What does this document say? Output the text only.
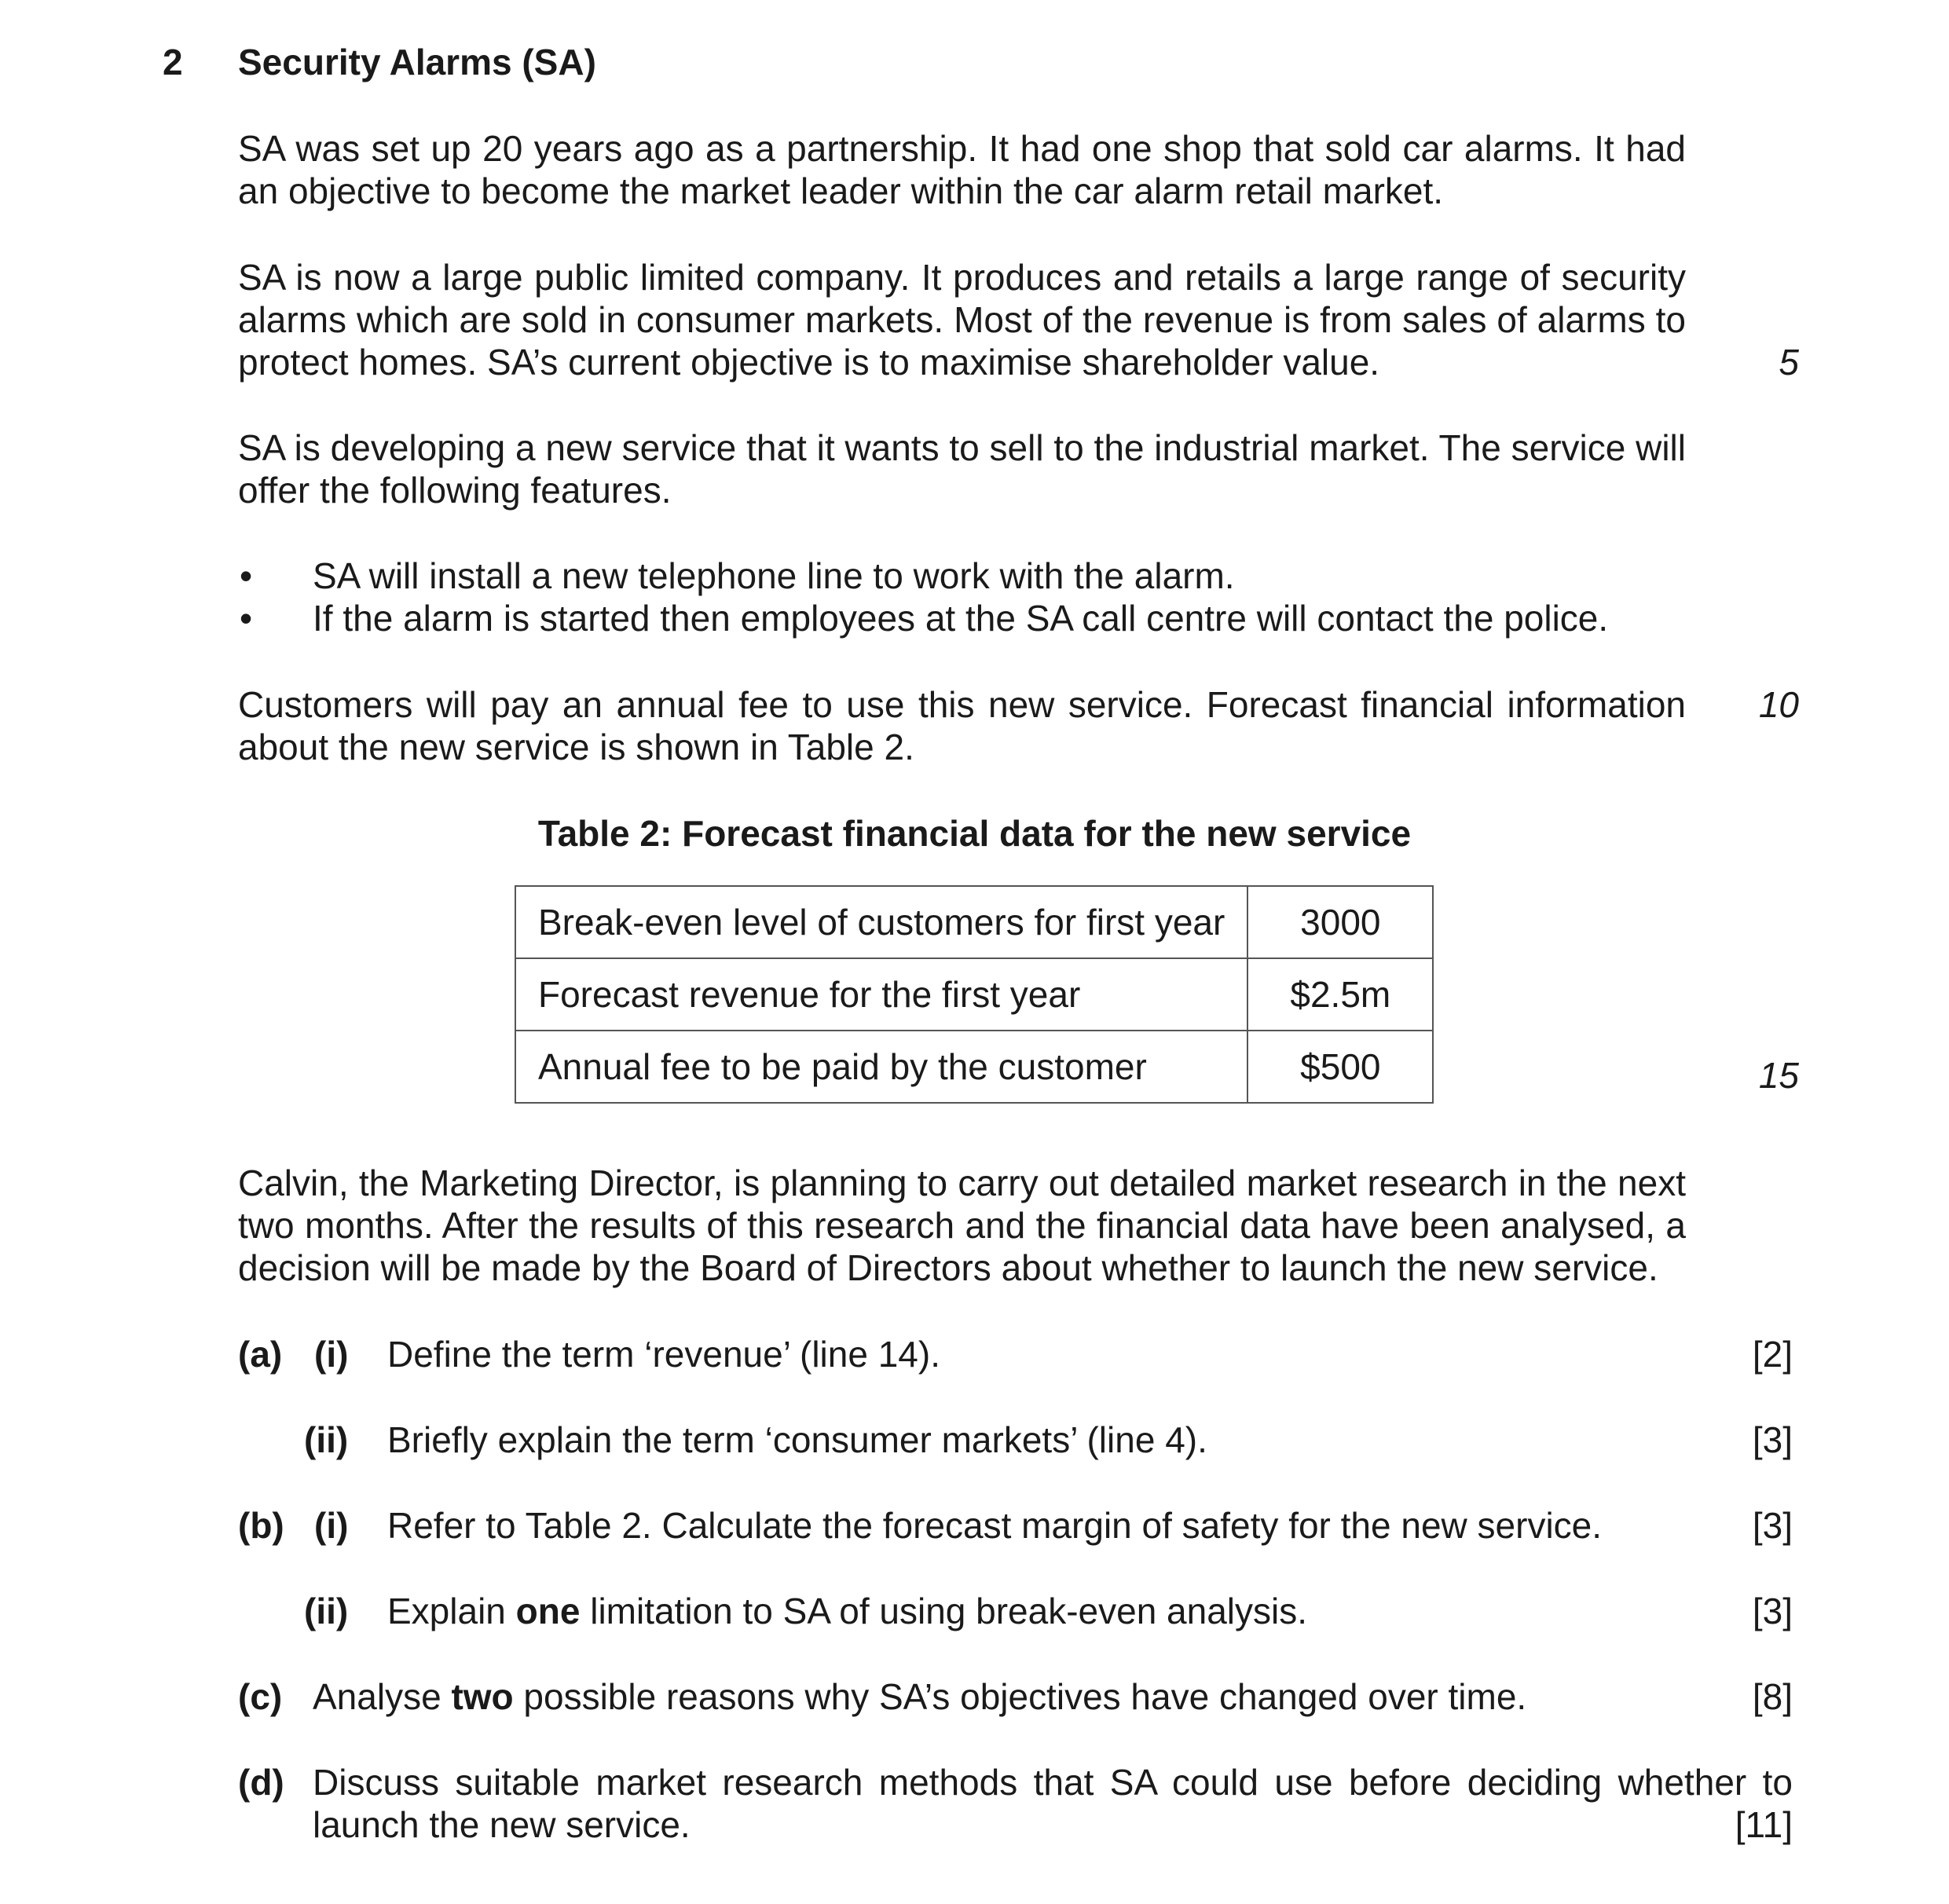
2 Security Alarms (SA)

SA was set up 20 years ago as a partnership. It had one shop that sold car alarms. It had

an objective to become the market leader within the car alarm retail market.

SA is now a large public limited company. It produces and retails a large range of security

alarms which are sold in consumer markets. Most of the revenue is from sales of alarms to

protect homes. SA’s current objective is to maximise shareholder value.	5

SA is developing a new service that it wants to sell to the industrial market. The service will

offer the following features.

• SA will install a new telephone line to work with the alarm.

• If the alarm is started then employees at the SA call centre will contact the police.

Customers will pay an annual fee to use this new service. Forecast financial information

about the new service is shown in Table 2.

10

Table 2: Forecast financial data for the new service

Break-even level of customers for first year	3000
Forecast revenue for the first year	$2.5m
Annual fee to be paid by the customer	$500	15

Calvin, the Marketing Director, is planning to carry out detailed market research in the next

two months. After the results of this research and the financial data have been analysed, a

decision will be made by the Board of Directors about whether to launch the new service.

(a) (i) Define the term ‘revenue’ (line 14).	[2]

(ii) Briefly explain the term ‘consumer markets’ (line 4).	[3]

(b) (i) Refer to Table 2. Calculate the forecast margin of safety for the new service.	[3]

(ii) Explain one limitation to SA of using break-even analysis.	[3]

(c) Analyse two possible reasons why SA’s objectives have changed over time.	[8]

(d) Discuss suitable market research methods that SA could use before deciding whether to

launch the new service.	[11]
